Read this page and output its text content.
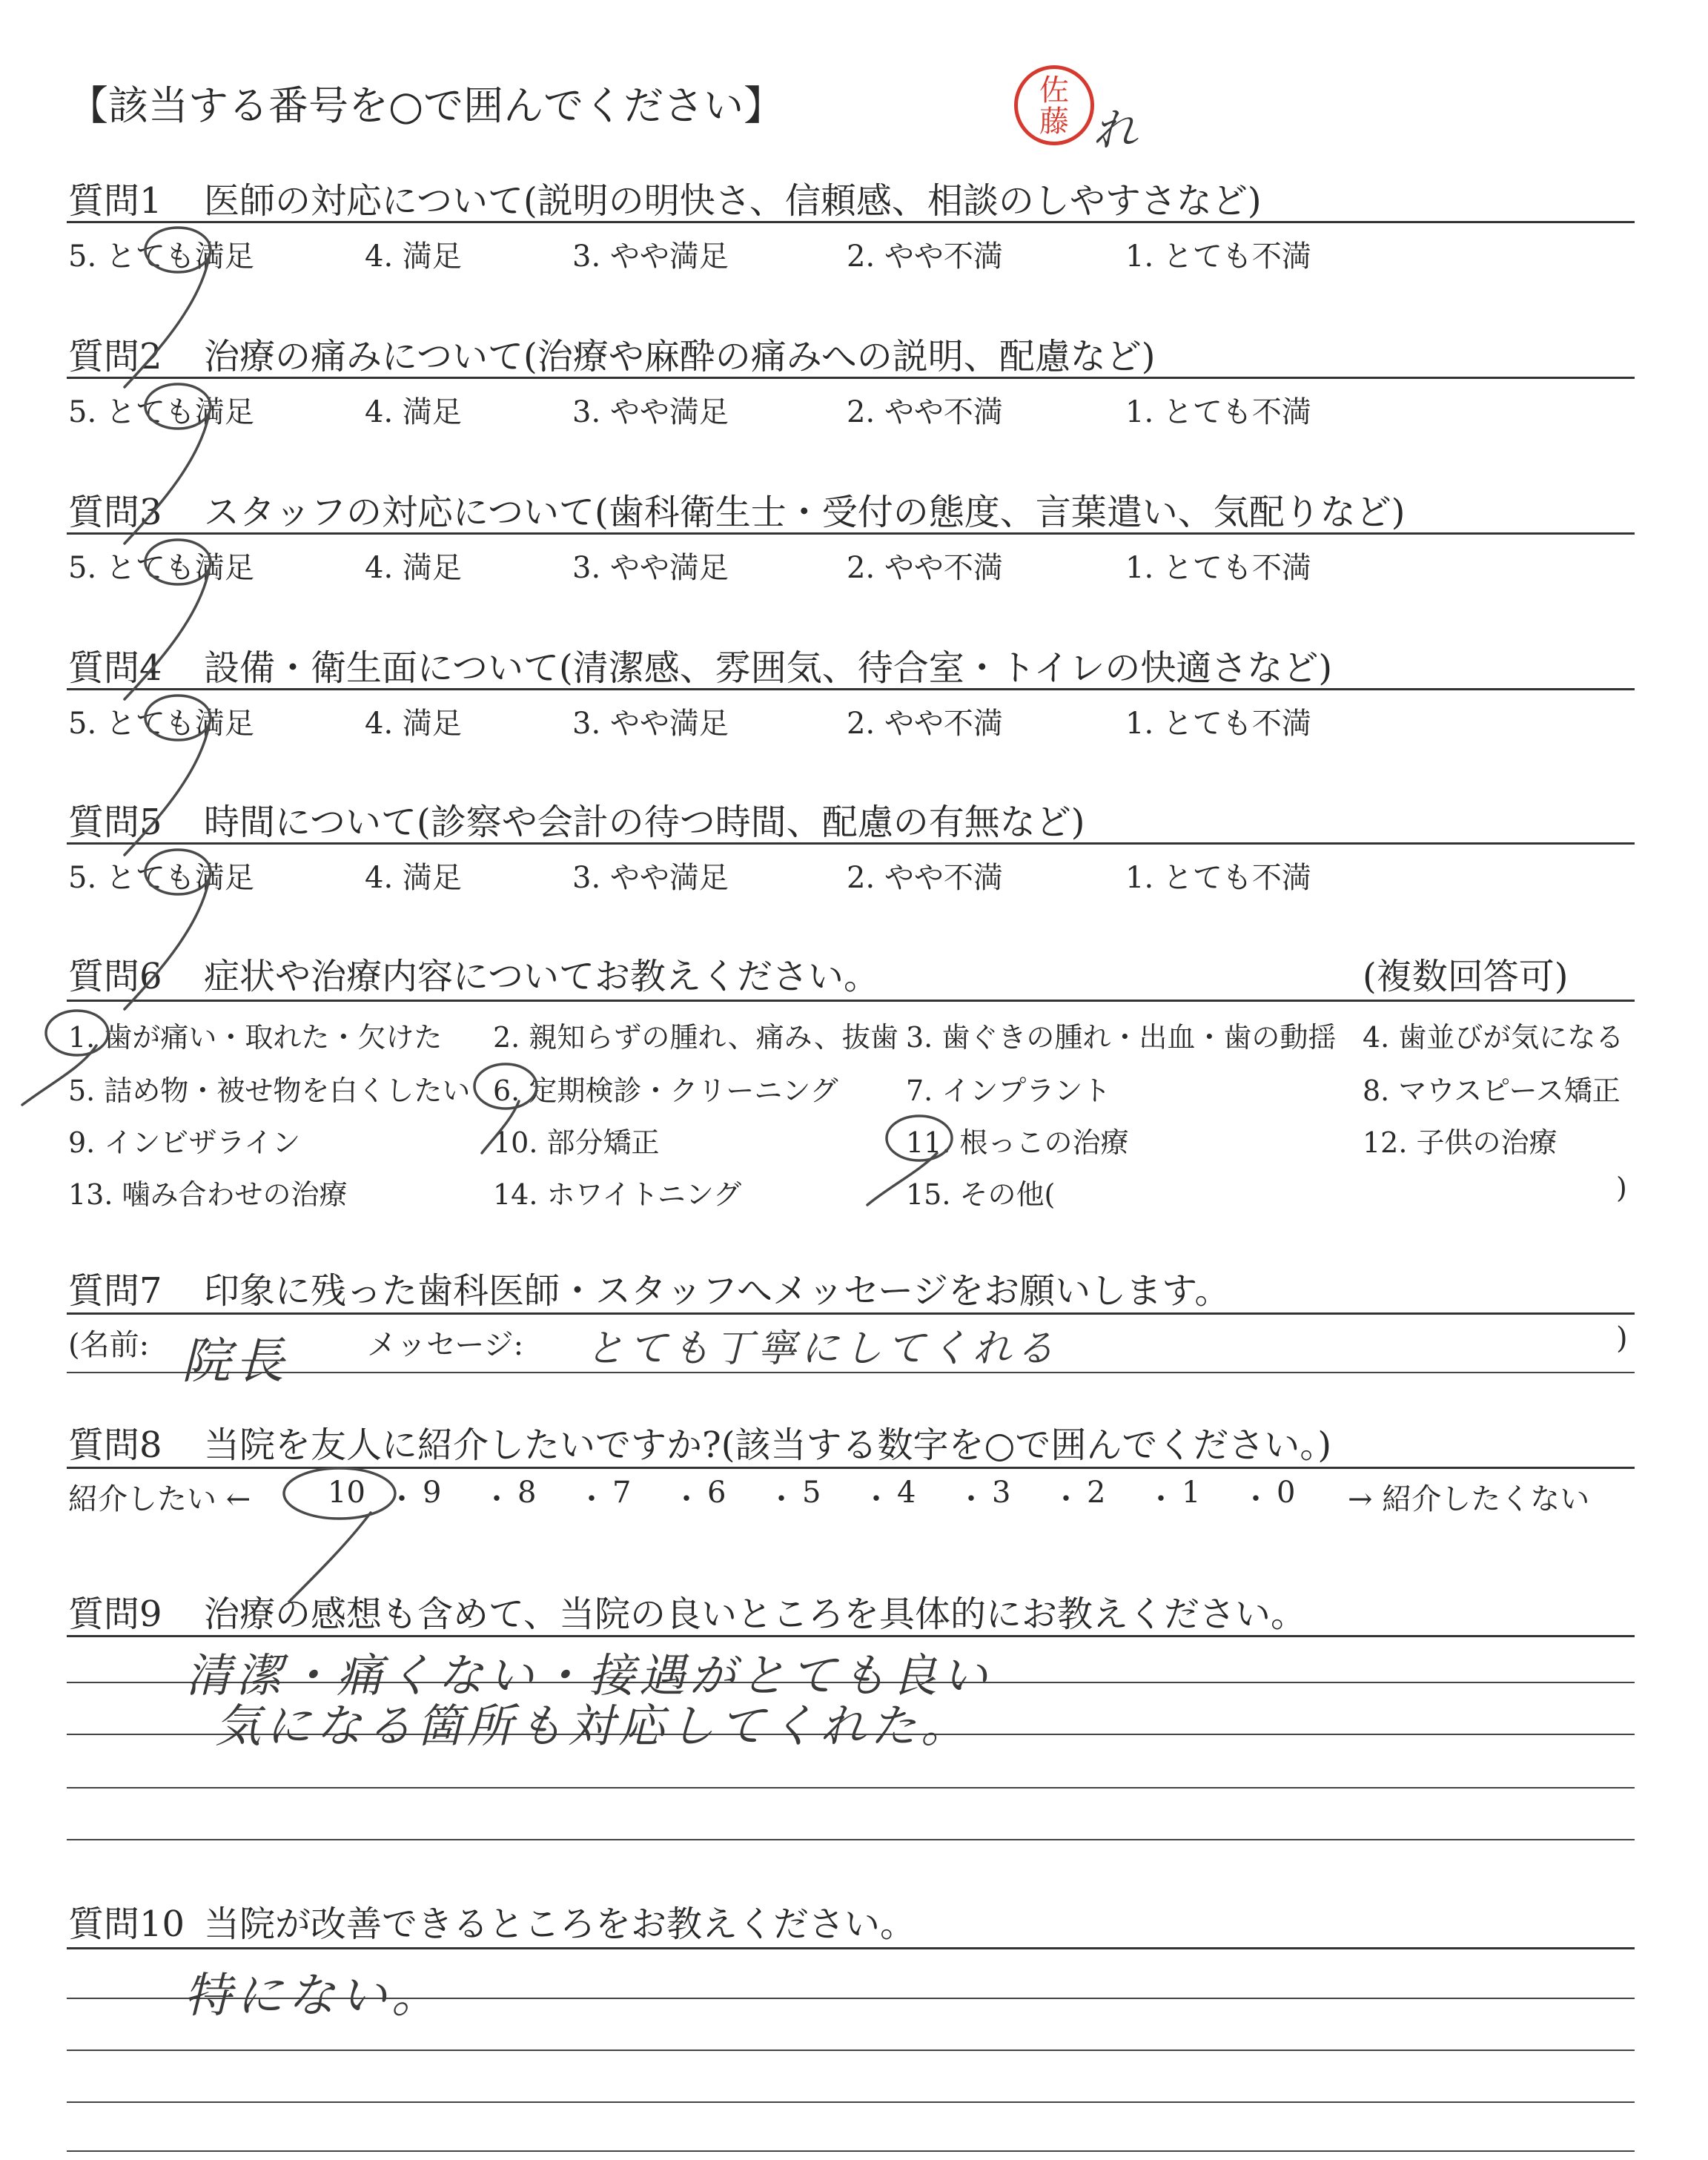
【該当する番号を○で囲んでください】	佐
藤 れ
質問1 医師の対応について(説明の明快さ、信頼感、相談のしやすさなど)
5. とても満足	4. 満足	3. やや満足	2. やや不満	1. とても不満
質問2 治療の痛みについて(治療や麻酔の痛みへの説明、配慮など)
5. とても満足	4. 満足	3. やや満足	2. やや不満	1. とても不満
質問3 スタッフの対応について(歯科衛生士・受付の態度、言葉遣い、気配りなど)
5. とても満足	4. 満足	3. やや満足	2. やや不満	1. とても不満
質問4 設備・衛生面について(清潔感、雰囲気、待合室・トイレの快適さなど)
5. とても満足	4. 満足	3. やや満足	2. やや不満	1. とても不満
質問5 時間について(診察や会計の待つ時間、配慮の有無など)
5. とても満足	4. 満足	3. やや満足	2. やや不満	1. とても不満
質問6 症状や治療内容についてお教えください。	(複数回答可)
1. 歯が痛い・取れた・欠けた 2. 親知らずの腫れ、痛み、抜歯 3. 歯ぐきの腫れ・出血・歯の動揺 4. 歯並びが気になる
5. 詰め物・被せ物を白くしたい 6. 定期検診・クリーニング 7. インプラント	8. マウスピース矯正
9. インビザライン	10. 部分矯正	11. 根っこの治療	12. 子供の治療
13. 噛み合わせの治療	14. ホワイトニング	15. その他(	)
質問7 印象に残った歯科医師・スタッフへメッセージをお願いします。
(名前: 院長	メッセージ: とても丁寧にしてくれる	)
質問8 当院を友人に紹介したいですか?(該当する数字を○で囲んでください。)
紹介したい ←	10 ・ 9 ・ 8 ・ 7 ・ 6 ・ 5 ・ 4 ・ 3 ・ 2 ・ 1 ・ 0 → 紹介したくない
質問9 治療の感想も含めて、当院の良いところを具体的にお教えください。
清潔・痛くない・接遇がとても良い
気になる箇所も対応してくれた。
質問10 当院が改善できるところをお教えください。
特にない。
